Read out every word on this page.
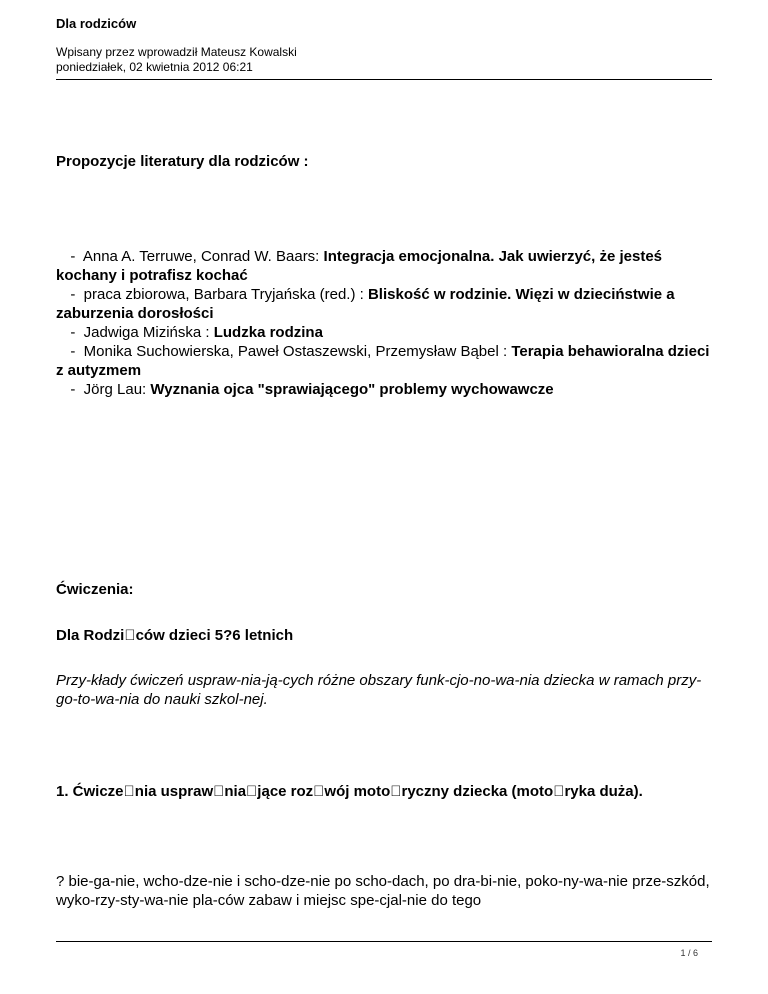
Dla rodziców
Wpisany przez wprowadził Mateusz Kowalski
poniedziałek, 02 kwietnia 2012 06:21
Propozycje literatury dla rodziców :
-  Anna A. Terruwe, Conrad W. Baars: Integracja emocjonalna. Jak uwierzyć, że jesteś kochany i potrafisz kochać
-  praca zbiorowa, Barbara Tryjańska (red.) : Bliskość w rodzinie. Więzi w dzieciństwie a zaburzenia dorosłości
-  Jadwiga Mizińska : Ludzka rodzina
-  Monika Suchowierska, Paweł Ostaszewski, Przemysław Bąbel : Terapia behawioralna dzieci z autyzmem
-  Jörg Lau: Wyznania ojca "sprawiającego" problemy wychowawcze
Ćwiczenia:
Dla Rodzi ców dzieci 5?6 letnich
Przy-kłady ćwiczeń uspraw-nia-ją-cych różne obszary funk-cjo-no-wa-nia dziecka w ramach przy-go-to-wa-nia do nauki szkol-nej.
1. Ćwicze nia uspraw nia jące roz wój moto ryczny dziecka (moto ryka duża).
? bie-ga-nie, wcho-dze-nie i scho-dze-nie po scho-dach, po dra-bi-nie, poko-ny-wa-nie prze-szkód, wyko-rzy-sty-wa-nie pla-ców zabaw i miejsc spe-cjal-nie do tego
1 / 6
